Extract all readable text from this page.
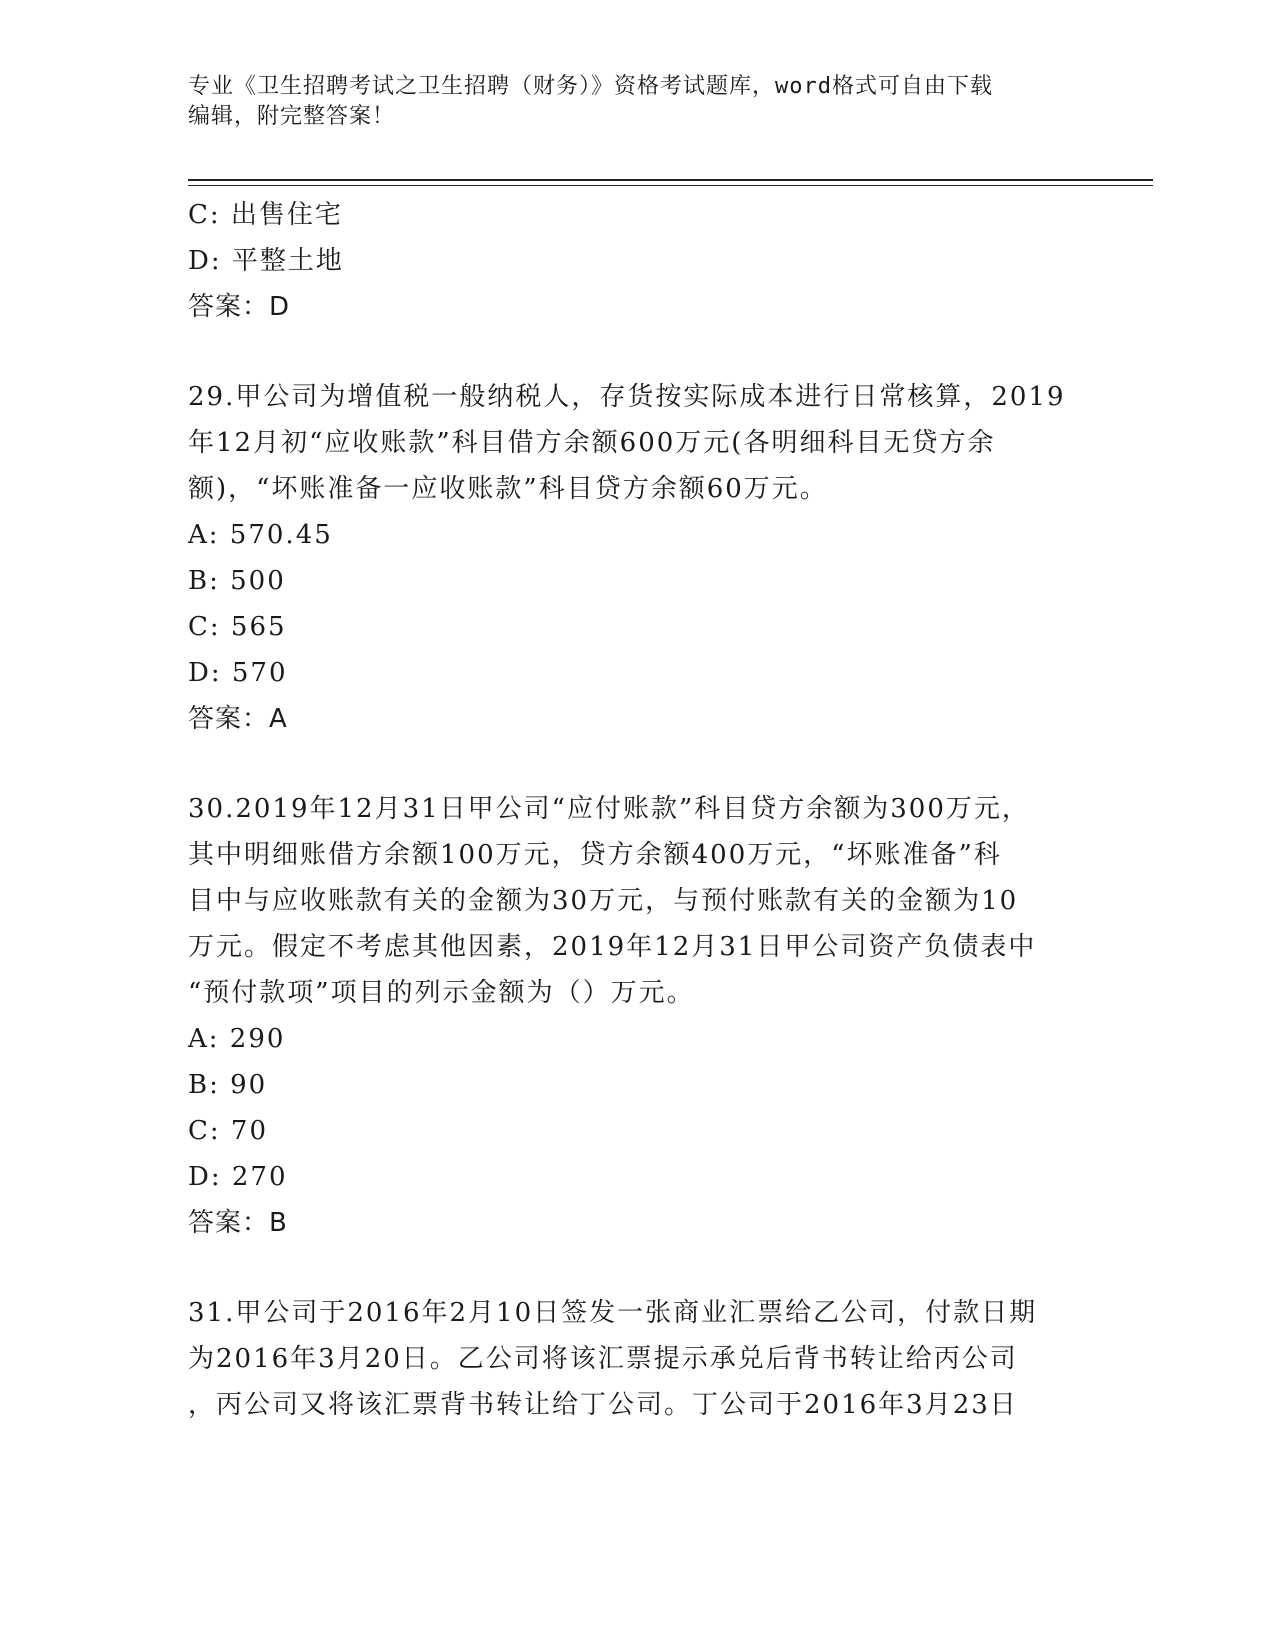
专业《卫生招聘考试之卫生招聘（财务）》资格考试题库，word格式可自由下载
编辑，附完整答案！
C: 出售住宅
D: 平整土地
答案：D
29.甲公司为增值税一般纳税人，存货按实际成本进行日常核算，2019
年12月初“应收账款”科目借方余额600万元(各明细科目无贷方余
额)，“坏账准备一应收账款”科目贷方余额60万元。
A: 570.45
B: 500
C: 565
D: 570
答案：A
30.2019年12月31日甲公司“应付账款”科目贷方余额为300万元，
其中明细账借方余额100万元，贷方余额400万元，“坏账准备”科
目中与应收账款有关的金额为30万元，与预付账款有关的金额为10
万元。假定不考虑其他因素，2019年12月31日甲公司资产负债表中
“预付款项”项目的列示金额为（）万元。
A: 290
B: 90
C: 70
D: 270
答案：B
31.甲公司于2016年2月10日签发一张商业汇票给乙公司，付款日期
为2016年3月20日。乙公司将该汇票提示承兑后背书转让给丙公司
，丙公司又将该汇票背书转让给丁公司。丁公司于2016年3月23日
